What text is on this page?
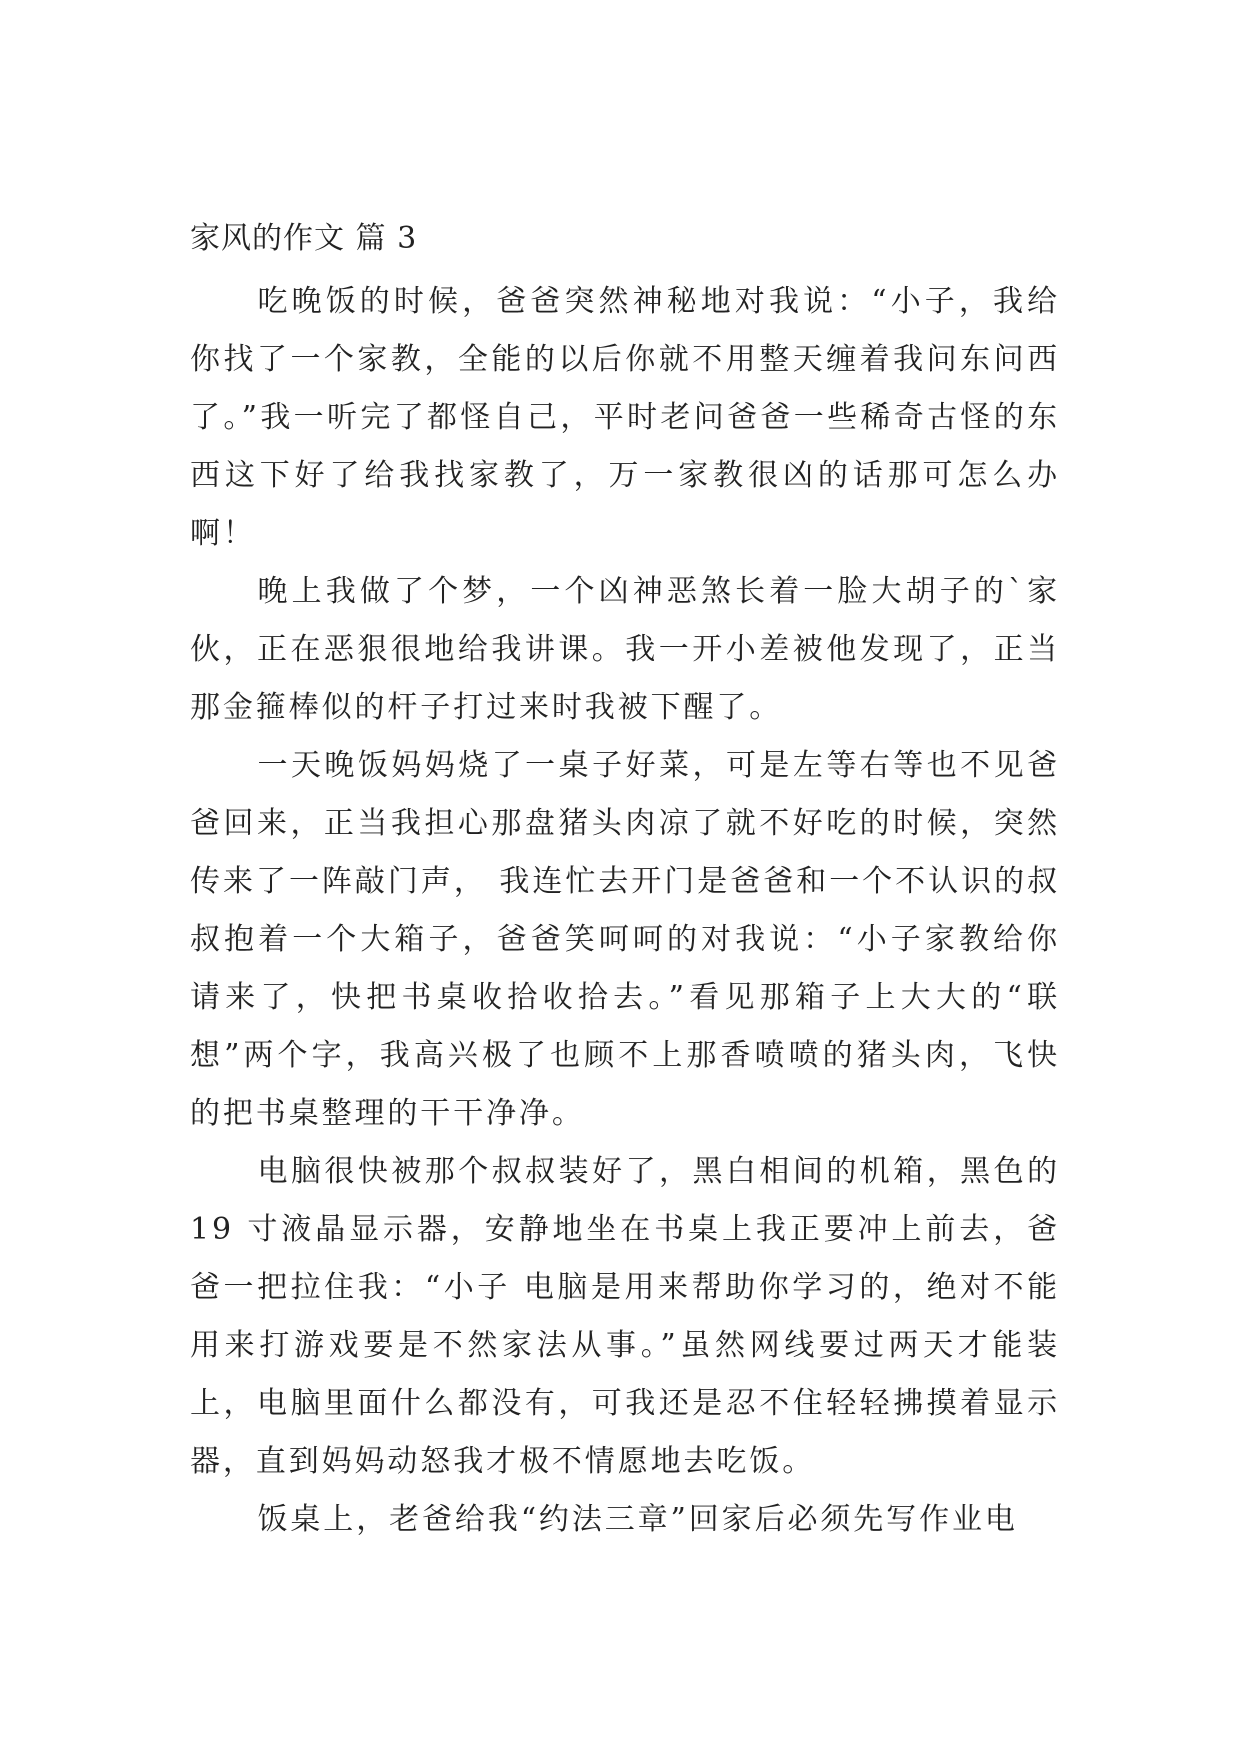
家风的作文 篇 3

吃晚饭的时候，爸爸突然神秘地对我说：“小子，我给你找了一个家教，全能的以后你就不用整天缠着我问东问西了。”我一听完了都怪自己，平时老问爸爸一些稀奇古怪的东西这下好了给我找家教了，万一家教很凶的话那可怎么办啊！

晚上我做了个梦，一个凶神恶煞长着一脸大胡子的`家伙，正在恶狠很地给我讲课。我一开小差被他发现了，正当那金箍棒似的杆子打过来时我被下醒了。

一天晚饭妈妈烧了一桌子好菜，可是左等右等也不见爸爸回来，正当我担心那盘猪头肉凉了就不好吃的时候，突然传来了一阵敲门声， 我连忙去开门是爸爸和一个不认识的叔叔抱着一个大箱子，爸爸笑呵呵的对我说：“小子家教给你请来了，快把书桌收拾收拾去。”看见那箱子上大大的“联想”两个字，我高兴极了也顾不上那香喷喷的猪头肉，飞快的把书桌整理的干干净净。

电脑很快被那个叔叔装好了，黑白相间的机箱，黑色的 19 寸液晶显示器，安静地坐在书桌上我正要冲上前去，爸爸一把拉住我：“小子 电脑是用来帮助你学习的，绝对不能用来打游戏要是不然家法从事。”虽然网线要过两天才能装上，电脑里面什么都没有，可我还是忍不住轻轻拂摸着显示器，直到妈妈动怒我才极不情愿地去吃饭。

饭桌上，老爸给我“约法三章”回家后必须先写作业电
